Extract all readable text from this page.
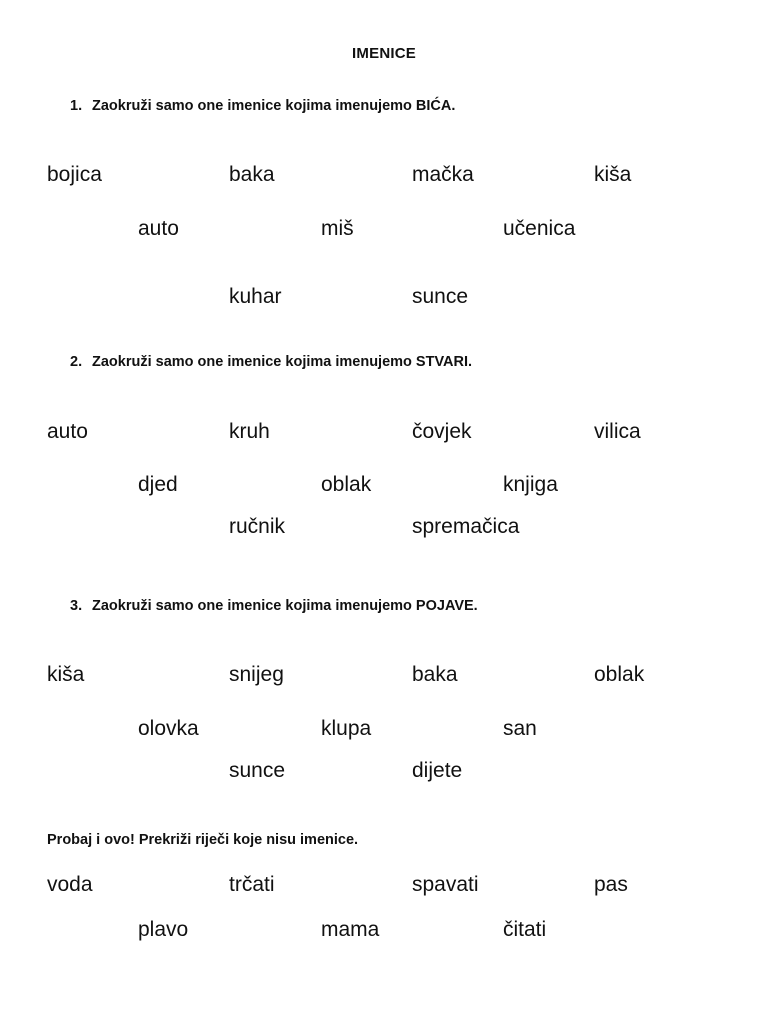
IMENICE
1. Zaokruži samo one imenice kojima imenujemo BIĆA.
bojica	baka	mačka	kiša
auto	miš	učenica
kuhar	sunce
2. Zaokruži samo one imenice kojima imenujemo STVARI.
auto	kruh	čovjek	vilica
djed	oblak	knjiga
ručnik	spremačica
3. Zaokruži samo one imenice kojima imenujemo POJAVE.
kiša	snijeg	baka	oblak
olovka	klupa	san
sunce	dijete
Probaj i ovo! Prekriži riječi koje nisu imenice.
voda	trčati	spavati	pas
plavo	mama	čitati
